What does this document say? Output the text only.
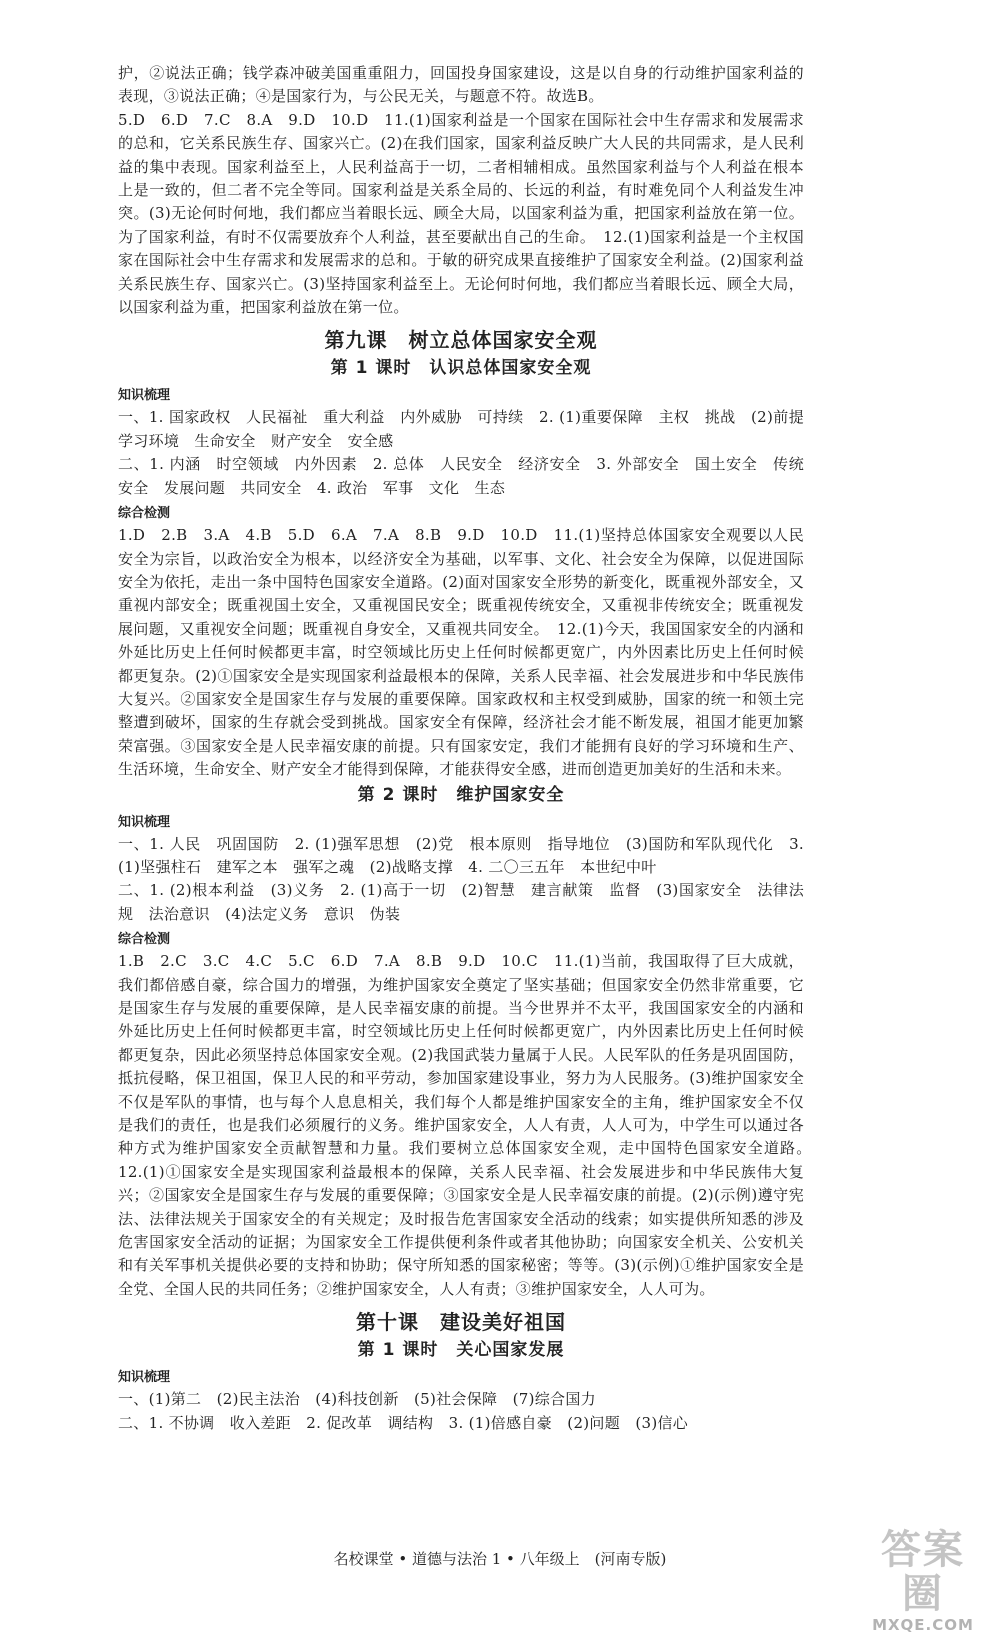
护，②说法正确；钱学森冲破美国重重阻力，回国投身国家建设，这是以自身的行动维护国家利益的表现，③说法正确；④是国家行为，与公民无关，与题意不符。故选B。

5.D　6.D　7.C　8.A　9.D　10.D　11.(1)国家利益是一个国家在国际社会中生存需求和发展需求的总和，它关系民族生存、国家兴亡。(2)在我们国家，国家利益反映广大人民的共同需求，是人民利益的集中表现。国家利益至上，人民利益高于一切，二者相辅相成。虽然国家利益与个人利益在根本上是一致的，但二者不完全等同。国家利益是关系全局的、长远的利益，有时难免同个人利益发生冲突。(3)无论何时何地，我们都应当着眼长远、顾全大局，以国家利益为重，把国家利益放在第一位。为了国家利益，有时不仅需要放弃个人利益，甚至要献出自己的生命。　12.(1)国家利益是一个主权国家在国际社会中生存需求和发展需求的总和。于敏的研究成果直接维护了国家安全利益。(2)国家利益关系民族生存、国家兴亡。(3)坚持国家利益至上。无论何时何地，我们都应当着眼长远、顾全大局，以国家利益为重，把国家利益放在第一位。

第九课　树立总体国家安全观
第 1 课时　认识总体国家安全观
知识梳理

一、1. 国家政权　人民福祉　重大利益　内外威胁　可持续　2. (1)重要保障　主权　挑战　(2)前提　学习环境　生命安全　财产安全　安全感

二、1. 内涵　时空领域　内外因素　2. 总体　人民安全　经济安全　3. 外部安全　国土安全　传统安全　发展问题　共同安全　4. 政治　军事　文化　生态

综合检测

1.D　2.B　3.A　4.B　5.D　6.A　7.A　8.B　9.D　10.D　11.(1)坚持总体国家安全观要以人民安全为宗旨，以政治安全为根本，以经济安全为基础，以军事、文化、社会安全为保障，以促进国际安全为依托，走出一条中国特色国家安全道路。(2)面对国家安全形势的新变化，既重视外部安全，又重视内部安全；既重视国土安全，又重视国民安全；既重视传统安全，又重视非传统安全；既重视发展问题，又重视安全问题；既重视自身安全，又重视共同安全。　12.(1)今天，我国国家安全的内涵和外延比历史上任何时候都更丰富，时空领域比历史上任何时候都更宽广，内外因素比历史上任何时候都更复杂。(2)①国家安全是实现国家利益最根本的保障，关系人民幸福、社会发展进步和中华民族伟大复兴。②国家安全是国家生存与发展的重要保障。国家政权和主权受到威胁，国家的统一和领土完整遭到破坏，国家的生存就会受到挑战。国家安全有保障，经济社会才能不断发展，祖国才能更加繁荣富强。③国家安全是人民幸福安康的前提。只有国家安定，我们才能拥有良好的学习环境和生产、生活环境，生命安全、财产安全才能得到保障，才能获得安全感，进而创造更加美好的生活和未来。

第 2 课时　维护国家安全
知识梳理

一、1. 人民　巩固国防　2. (1)强军思想　(2)党　根本原则　指导地位　(3)国防和军队现代化　3. (1)坚强柱石　建军之本　强军之魂　(2)战略支撑　4. 二〇三五年　本世纪中叶

二、1. (2)根本利益　(3)义务　2. (1)高于一切　(2)智慧　建言献策　监督　(3)国家安全　法律法规　法治意识　(4)法定义务　意识　伪装

综合检测

1.B　2.C　3.C　4.C　5.C　6.D　7.A　8.B　9.D　10.C　11.(1)当前，我国取得了巨大成就，我们都倍感自豪，综合国力的增强，为维护国家安全奠定了坚实基础；但国家安全仍然非常重要，它是国家生存与发展的重要保障，是人民幸福安康的前提。当今世界并不太平，我国国家安全的内涵和外延比历史上任何时候都更丰富，时空领域比历史上任何时候都更宽广，内外因素比历史上任何时候都更复杂，因此必须坚持总体国家安全观。(2)我国武装力量属于人民。人民军队的任务是巩固国防，抵抗侵略，保卫祖国，保卫人民的和平劳动，参加国家建设事业，努力为人民服务。(3)维护国家安全不仅是军队的事情，也与每个人息息相关，我们每个人都是维护国家安全的主角，维护国家安全不仅是我们的责任，也是我们必须履行的义务。维护国家安全，人人有责，人人可为，中学生可以通过各种方式为维护国家安全贡献智慧和力量。我们要树立总体国家安全观，走中国特色国家安全道路。　12.(1)①国家安全是实现国家利益最根本的保障，关系人民幸福、社会发展进步和中华民族伟大复兴；②国家安全是国家生存与发展的重要保障；③国家安全是人民幸福安康的前提。(2)(示例)遵守宪法、法律法规关于国家安全的有关规定；及时报告危害国家安全活动的线索；如实提供所知悉的涉及危害国家安全活动的证据；为国家安全工作提供便利条件或者其他协助；向国家安全机关、公安机关和有关军事机关提供必要的支持和协助；保守所知悉的国家秘密；等等。(3)(示例)①维护国家安全是全党、全国人民的共同任务；②维护国家安全，人人有责；③维护国家安全，人人可为。

第十课　建设美好祖国
第 1 课时　关心国家发展
知识梳理

一、(1)第二　(2)民主法治　(4)科技创新　(5)社会保障　(7)综合国力

二、1. 不协调　收入差距　2. 促改革　调结构　3. (1)倍感自豪　(2)问题　(3)信心

名校课堂 • 道德与法治 1 • 八年级上　(河南专版)	答案圈
MXQE.COM
